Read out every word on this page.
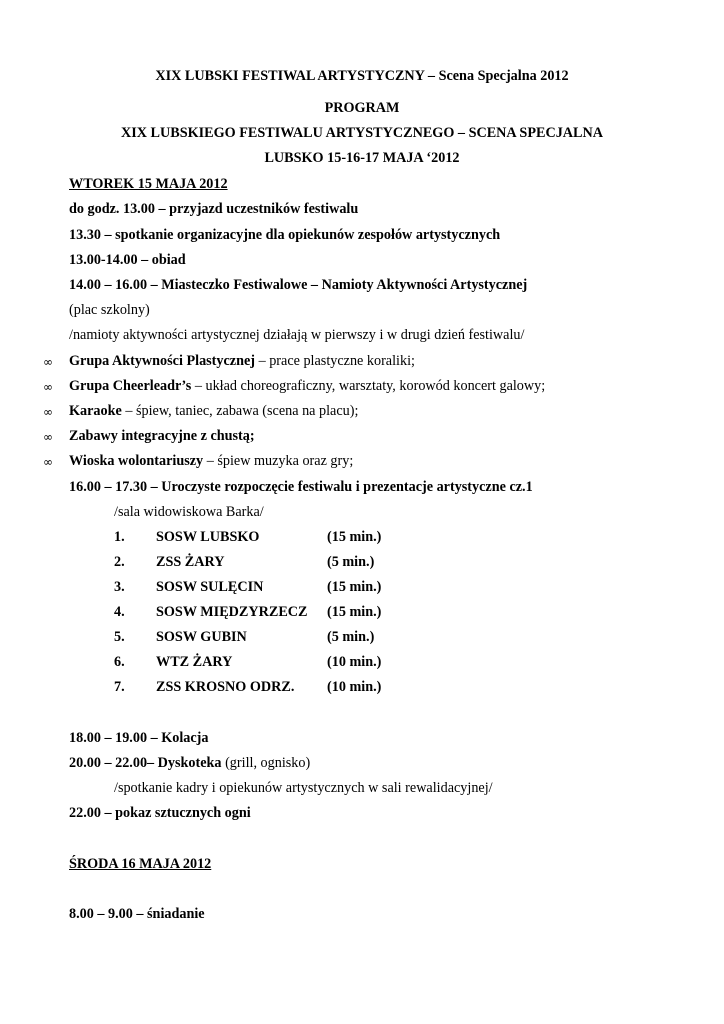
XIX LUBSKI FESTIWAL ARTYSTYCZNY – Scena Specjalna 2012
PROGRAM
XIX LUBSKIEGO FESTIWALU ARTYSTYCZNEGO – SCENA SPECJALNA
LUBSKO 15-16-17 MAJA ‘2012
WTOREK 15 MAJA 2012
do godz. 13.00 – przyjazd uczestników festiwalu
13.30 – spotkanie organizacyjne dla opiekunów zespołów artystycznych
13.00-14.00 – obiad
14.00 – 16.00 – Miasteczko Festiwalowe – Namioty Aktywności Artystycznej
(plac szkolny)
/namioty aktywności artystycznej działają w pierwszy i w drugi dzień festiwalu/
∞ Grupa Aktywności Plastycznej – prace plastyczne koraliki;
∞ Grupa Cheerleadr’s – układ choreograficzny, warsztaty, korowód koncert galowy;
∞ Karaoke – śpiew, taniec, zabawa (scena na placu);
∞ Zabawy integracyjne z chustą;
∞ Wioska wolontariuszy – śpiew muzyka oraz gry;
16.00 – 17.30 – Uroczyste rozpoczęcie festiwalu i prezentacje artystyczne cz.1
/sala widowiskowa Barka/
1. SOSW LUBSKO	(15 min.)
2. ZSS ŻARY	(5 min.)
3. SOSW SULĘCIN	(15 min.)
4. SOSW MIĘDZYRZECZ (15 min.)
5. SOSW GUBIN	(5 min.)
6. WTZ ŻARY	(10 min.)
7. ZSS KROSNO ODRZ. (10 min.)
18.00 – 19.00 – Kolacja
20.00 – 22.00– Dyskoteka (grill, ognisko)
/spotkanie kadry i opiekunów artystycznych w sali rewalidacyjnej/
22.00 – pokaz sztucznych ogni
ŚRODA 16 MAJA 2012
8.00 – 9.00 – śniadanie
